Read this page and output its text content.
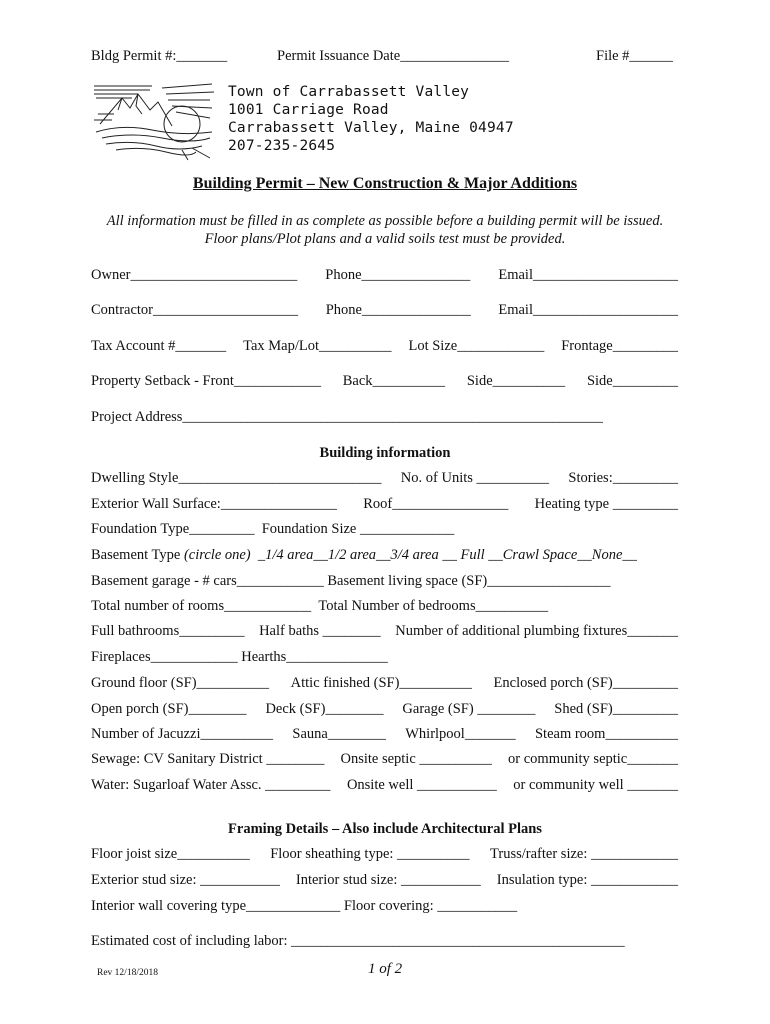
Bldg Permit #:_______	Permit Issuance Date_______________	File #______
Town of Carrabassett Valley
1001 Carriage Road
Carrabassett Valley, Maine 04947
207-235-2645
Building Permit – New Construction & Major Additions
All information must be filled in as complete as possible before a building permit will be issued.
Floor plans/Plot plans and a valid soils test must be provided.
Owner_______________________ Phone_______________ Email____________________
Contractor____________________ Phone_______________ Email____________________
Tax Account #_______ Tax Map/Lot__________ Lot Size____________ Frontage_________
Property Setback - Front____________ Back__________ Side__________ Side_________
Project Address__________________________________________________________
Building information
Dwelling Style____________________________ No. of Units __________ Stories:_________
Exterior Wall Surface:________________ Roof________________ Heating type _________
Foundation Type_________
Foundation Size _____________
Basement Type (circle one)  _1/4 area__1/2 area__3/4 area __ Full __Crawl Space__None__
Basement garage - # cars____________
Basement living space (SF)_________________
Total number of rooms____________
Total Number of bedrooms__________
Full bathrooms_________ Half baths ________ Number of additional plumbing fixtures_______
Fireplaces____________
Hearths______________
Ground floor (SF)__________ Attic finished (SF)__________ Enclosed porch (SF)_________
Open porch (SF)________ Deck (SF)________ Garage (SF) ________ Shed (SF)_________
Number of Jacuzzi__________ Sauna________ Whirlpool_______ Steam room__________
Sewage: CV Sanitary District ________ Onsite septic __________ or community septic_______
Water: Sugarloaf Water Assc. _________ Onsite well ___________ or community well _______
Framing Details – Also include Architectural Plans
Floor joist size__________ Floor sheathing type: __________ Truss/rafter size: ____________
Exterior stud size: ___________ Interior stud size: ___________ Insulation type: ____________
Interior wall covering type_____________
Floor covering: ___________
Estimated cost of including labor: ______________________________________________
Rev 12/18/2018	1 of 2
